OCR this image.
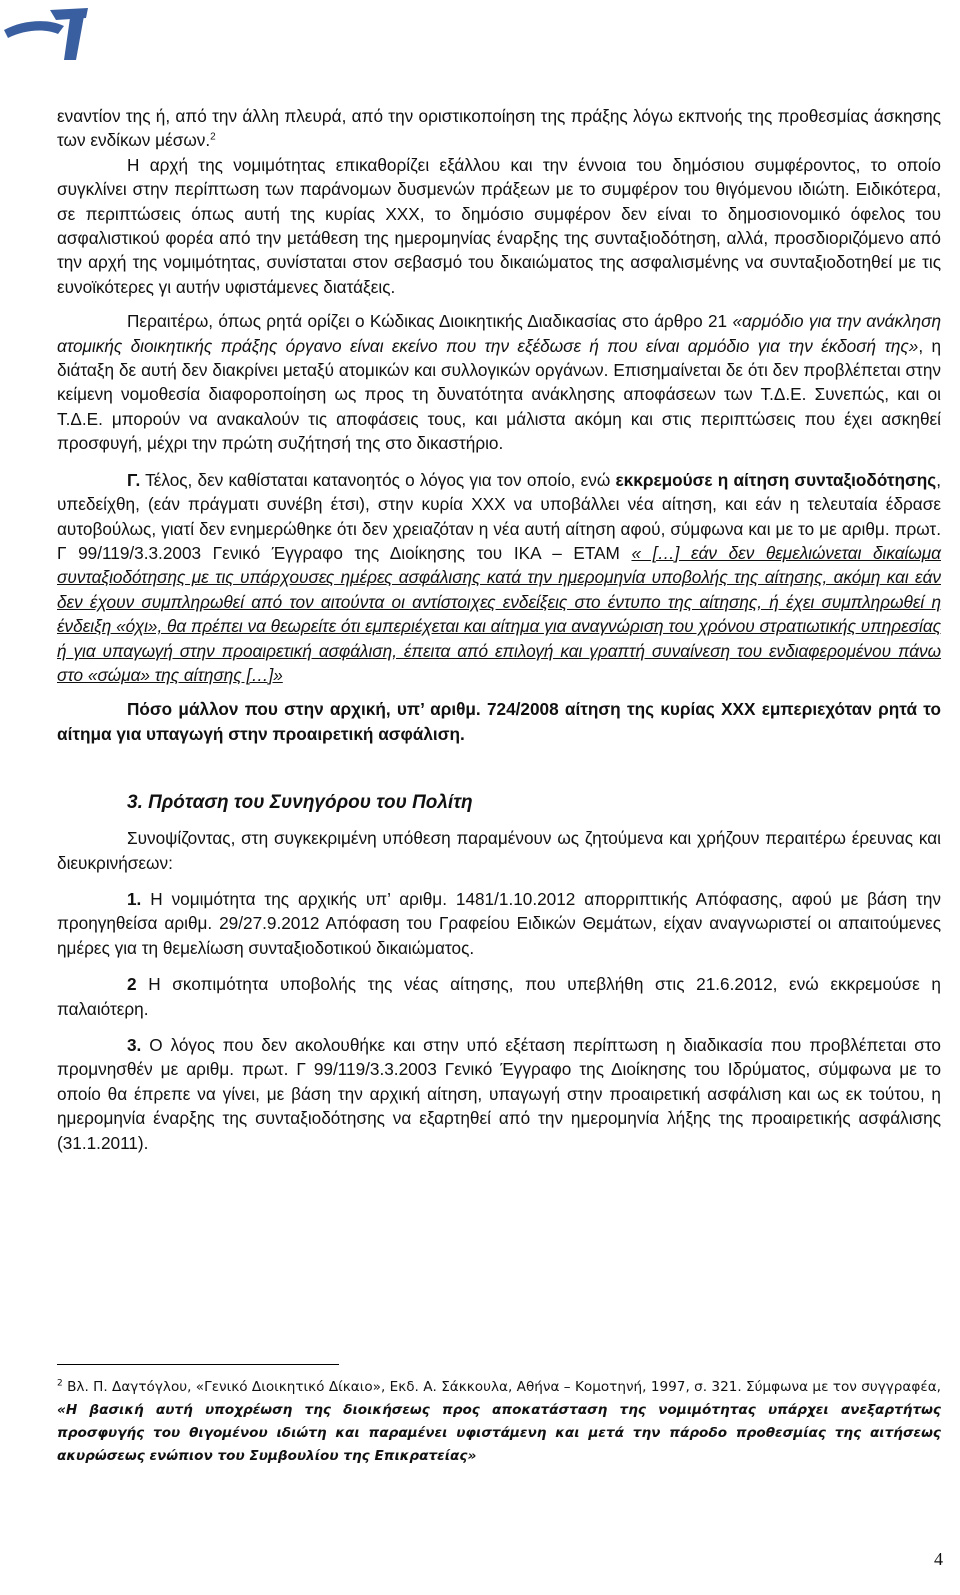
εναντίον της ή, από την άλλη πλευρά, από την οριστικοποίηση της πράξης λόγω εκπνοής της προθεσμίας άσκησης των ενδίκων μέσων.$^2$

Η αρχή της νομιμότητας επικαθορίζει εξάλλου και την έννοια του δημόσιου συμφέροντος, το οποίο συγκλίνει στην περίπτωση των παράνομων δυσμενών πράξεων με το συμφέρον του θιγόμενου ιδιώτη. Ειδικότερα, σε περιπτώσεις όπως αυτή της κυρίας ΧΧΧ, το δημόσιο συμφέρον δεν είναι το δημοσιονομικό όφελος του ασφαλιστικού φορέα από την μετάθεση της ημερομηνίας έναρξης της συνταξιοδότηση, αλλά, προσδιοριζόμενο από την αρχή της νομιμότητας, συνίσταται στον σεβασμό του δικαιώματος της ασφαλισμένης να συνταξιοδοτηθεί με τις ευνοϊκότερες γι αυτήν υφιστάμενες διατάξεις.

Περαιτέρω, όπως ρητά ορίζει ο Κώδικας Διοικητικής Διαδικασίας στο άρθρο 21 «αρμόδιο για την ανάκληση ατομικής διοικητικής πράξης όργανο είναι εκείνο που την εξέδωσε ή που είναι αρμόδιο για την έκδοσή της», η διάταξη δε αυτή δεν διακρίνει μεταξύ ατομικών και συλλογικών οργάνων. Επισημαίνεται δε ότι δεν προβλέπεται στην κείμενη νομοθεσία διαφοροποίηση ως προς τη δυνατότητα ανάκλησης αποφάσεων των Τ.Δ.Ε. Συνεπώς, και οι Τ.Δ.Ε. μπορούν να ανακαλούν τις αποφάσεις τους, και μάλιστα ακόμη και στις περιπτώσεις που έχει ασκηθεί προσφυγή, μέχρι την πρώτη συζήτησή της στο δικαστήριο.

Γ. Τέλος, δεν καθίσταται κατανοητός ο λόγος για τον οποίο, ενώ εκκρεμούσε η αίτηση συνταξιοδότησης, υπεδείχθη, (εάν πράγματι συνέβη έτσι), στην κυρία ΧΧΧ να υποβάλλει νέα αίτηση, και εάν η τελευταία έδρασε αυτοβούλως, γιατί δεν ενημερώθηκε ότι δεν χρειαζόταν η νέα αυτή αίτηση αφού, σύμφωνα και με το με αριθμ. πρωτ. Γ 99/119/3.3.2003 Γενικό Έγγραφο της Διοίκησης του ΙΚΑ – ΕΤΑΜ « […] εάν δεν θεμελιώνεται δικαίωμα συνταξιοδότησης με τις υπάρχουσες ημέρες ασφάλισης κατά την ημερομηνία υποβολής της αίτησης, ακόμη και εάν δεν έχουν συμπληρωθεί από τον αιτούντα οι αντίστοιχες ενδείξεις στο έντυπο της αίτησης, ή έχει συμπληρωθεί η ένδειξη «όχι», θα πρέπει να θεωρείτε ότι εμπεριέχεται και αίτημα για αναγνώριση του χρόνου στρατιωτικής υπηρεσίας ή για υπαγωγή στην προαιρετική ασφάλιση, έπειτα από επιλογή και γραπτή συναίνεση του ενδιαφερομένου πάνω στο «σώμα» της αίτησης […]»

Πόσο μάλλον που στην αρχική, υπ’ αριθμ. 724/2008 αίτηση της κυρίας ΧΧΧ εμπεριεχόταν ρητά το αίτημα για υπαγωγή στην προαιρετική ασφάλιση.

3. Πρόταση του Συνηγόρου του Πολίτη

Συνοψίζοντας, στη συγκεκριμένη υπόθεση παραμένουν ως ζητούμενα και χρήζουν περαιτέρω έρευνας και διευκρινήσεων:

1. Η νομιμότητα της αρχικής υπ’ αριθμ. 1481/1.10.2012 απορριπτικής Απόφασης, αφού με βάση την προηγηθείσα αριθμ. 29/27.9.2012 Απόφαση του Γραφείου Ειδικών Θεμάτων, είχαν αναγνωριστεί οι απαιτούμενες ημέρες για τη θεμελίωση συνταξιοδοτικού δικαιώματος.

2 Η σκοπιμότητα υποβολής της νέας αίτησης, που υπεβλήθη στις 21.6.2012, ενώ εκκρεμούσε η παλαιότερη.

3. Ο λόγος που δεν ακολουθήκε και στην υπό εξέταση περίπτωση η διαδικασία που προβλέπεται στο προμνησθέν με αριθμ. πρωτ. Γ 99/119/3.3.2003 Γενικό Έγγραφο της Διοίκησης του Ιδρύματος, σύμφωνα με το οποίο θα έπρεπε να γίνει, με βάση την αρχική αίτηση, υπαγωγή στην προαιρετική ασφάλιση και ως εκ τούτου, η ημερομηνία έναρξης της συνταξιοδότησης να εξαρτηθεί από την ημερομηνία λήξης της προαιρετικής ασφάλισης (31.1.2011).

$^2$ Βλ. Π. Δαγτόγλου, «Γενικό Διοικητικό Δίκαιο», Εκδ. Α. Σάκκουλα, Αθήνα – Κομοτηνή, 1997, σ. 321. Σύμφωνα με τον συγγραφέα, «Η βασική αυτή υποχρέωση της διοικήσεως προς αποκατάσταση της νομιμότητας υπάρχει ανεξαρτήτως προσφυγής του θιγομένου ιδιώτη και παραμένει υφιστάμενη και μετά την πάροδο προθεσμίας της αιτήσεως ακυρώσεως ενώπιον του Συμβουλίου της Επικρατείας»
4
